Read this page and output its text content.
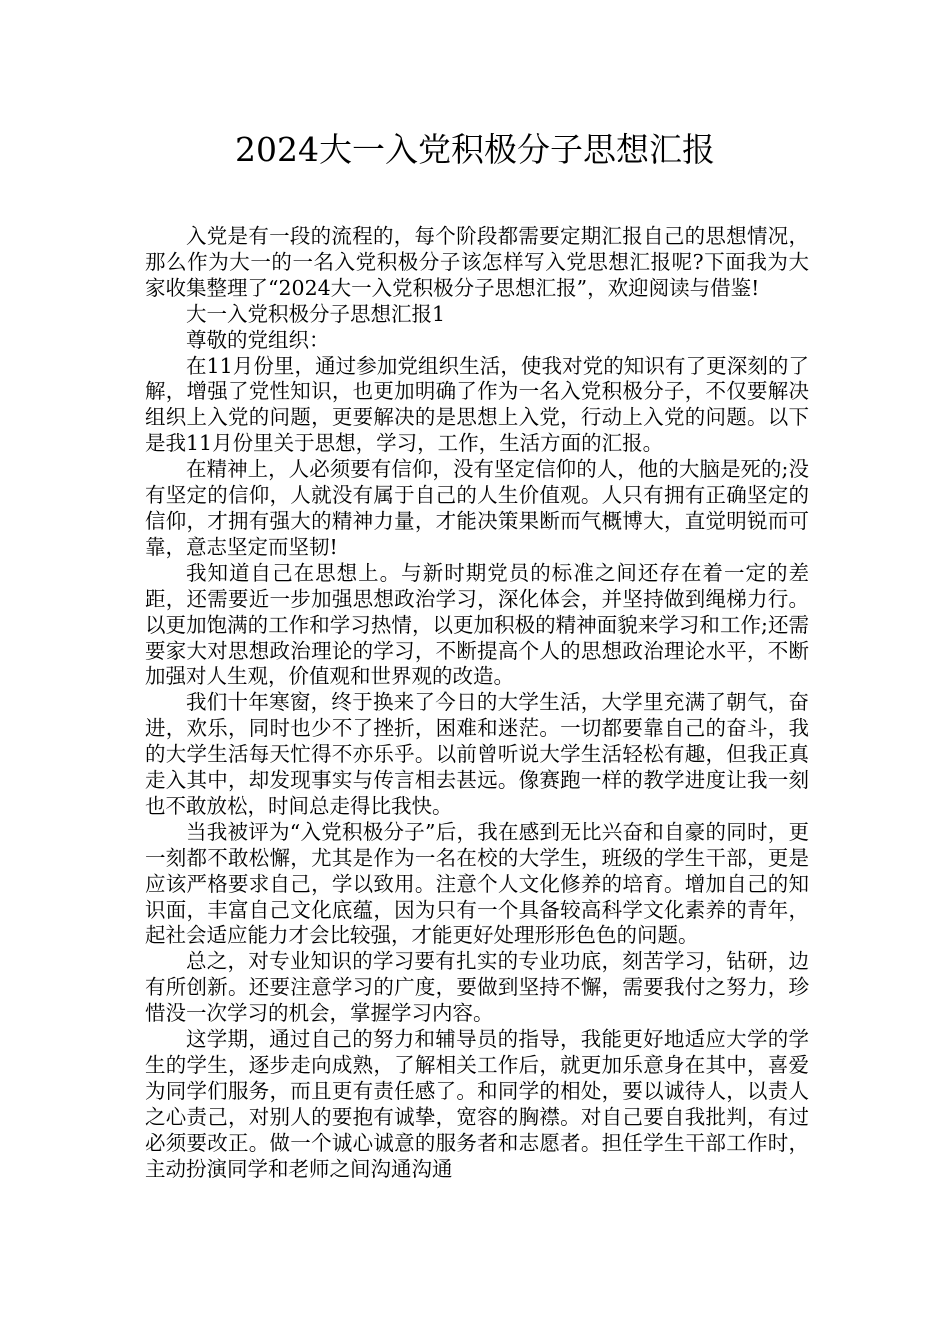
2024大一入党积极分子思想汇报

入党是有一段的流程的，每个阶段都需要定期汇报自己的思想情况，那么作为大一的一名入党积极分子该怎样写入党思想汇报呢?下面我为大家收集整理了“2024大一入党积极分子思想汇报”，欢迎阅读与借鉴!

大一入党积极分子思想汇报1

尊敬的党组织：

在11月份里，通过参加党组织生活，使我对党的知识有了更深刻的了解，增强了党性知识，也更加明确了作为一名入党积极分子，不仅要解决组织上入党的问题，更要解决的是思想上入党，行动上入党的问题。以下是我11月份里关于思想，学习，工作，生活方面的汇报。

在精神上，人必须要有信仰，没有坚定信仰的人，他的大脑是死的;没有坚定的信仰，人就没有属于自己的人生价值观。人只有拥有正确坚定的信仰，才拥有强大的精神力量，才能决策果断而气概博大，直觉明锐而可靠，意志坚定而坚韧!

我知道自己在思想上。与新时期党员的标准之间还存在着一定的差距，还需要近一步加强思想政治学习，深化体会，并坚持做到绳梯力行。以更加饱满的工作和学习热情，以更加积极的精神面貌来学习和工作;还需要家大对思想政治理论的学习，不断提高个人的思想政治理论水平，不断加强对人生观，价值观和世界观的改造。

我们十年寒窗，终于换来了今日的大学生活，大学里充满了朝气，奋进，欢乐，同时也少不了挫折，困难和迷茫。一切都要靠自己的奋斗，我的大学生活每天忙得不亦乐乎。以前曾听说大学生活轻松有趣，但我正真走入其中，却发现事实与传言相去甚远。像赛跑一样的教学进度让我一刻也不敢放松，时间总走得比我快。

当我被评为“入党积极分子”后，我在感到无比兴奋和自豪的同时，更一刻都不敢松懈，尤其是作为一名在校的大学生，班级的学生干部，更是应该严格要求自己，学以致用。注意个人文化修养的培育。增加自己的知识面，丰富自己文化底蕴，因为只有一个具备较高科学文化素养的青年，起社会适应能力才会比较强，才能更好处理形形色色的问题。

总之，对专业知识的学习要有扎实的专业功底，刻苦学习，钻研，边有所创新。还要注意学习的广度，要做到坚持不懈，需要我付之努力，珍惜没一次学习的机会，掌握学习内容。

这学期，通过自己的努力和辅导员的指导，我能更好地适应大学的学生的学生，逐步走向成熟，了解相关工作后，就更加乐意身在其中，喜爱为同学们服务，而且更有责任感了。和同学的相处，要以诚待人，以责人之心责己，对别人的要抱有诚挚，宽容的胸襟。对自己要自我批判，有过必须要改正。做一个诚心诚意的服务者和志愿者。担任学生干部工作时，主动扮演同学和老师之间沟通沟通
